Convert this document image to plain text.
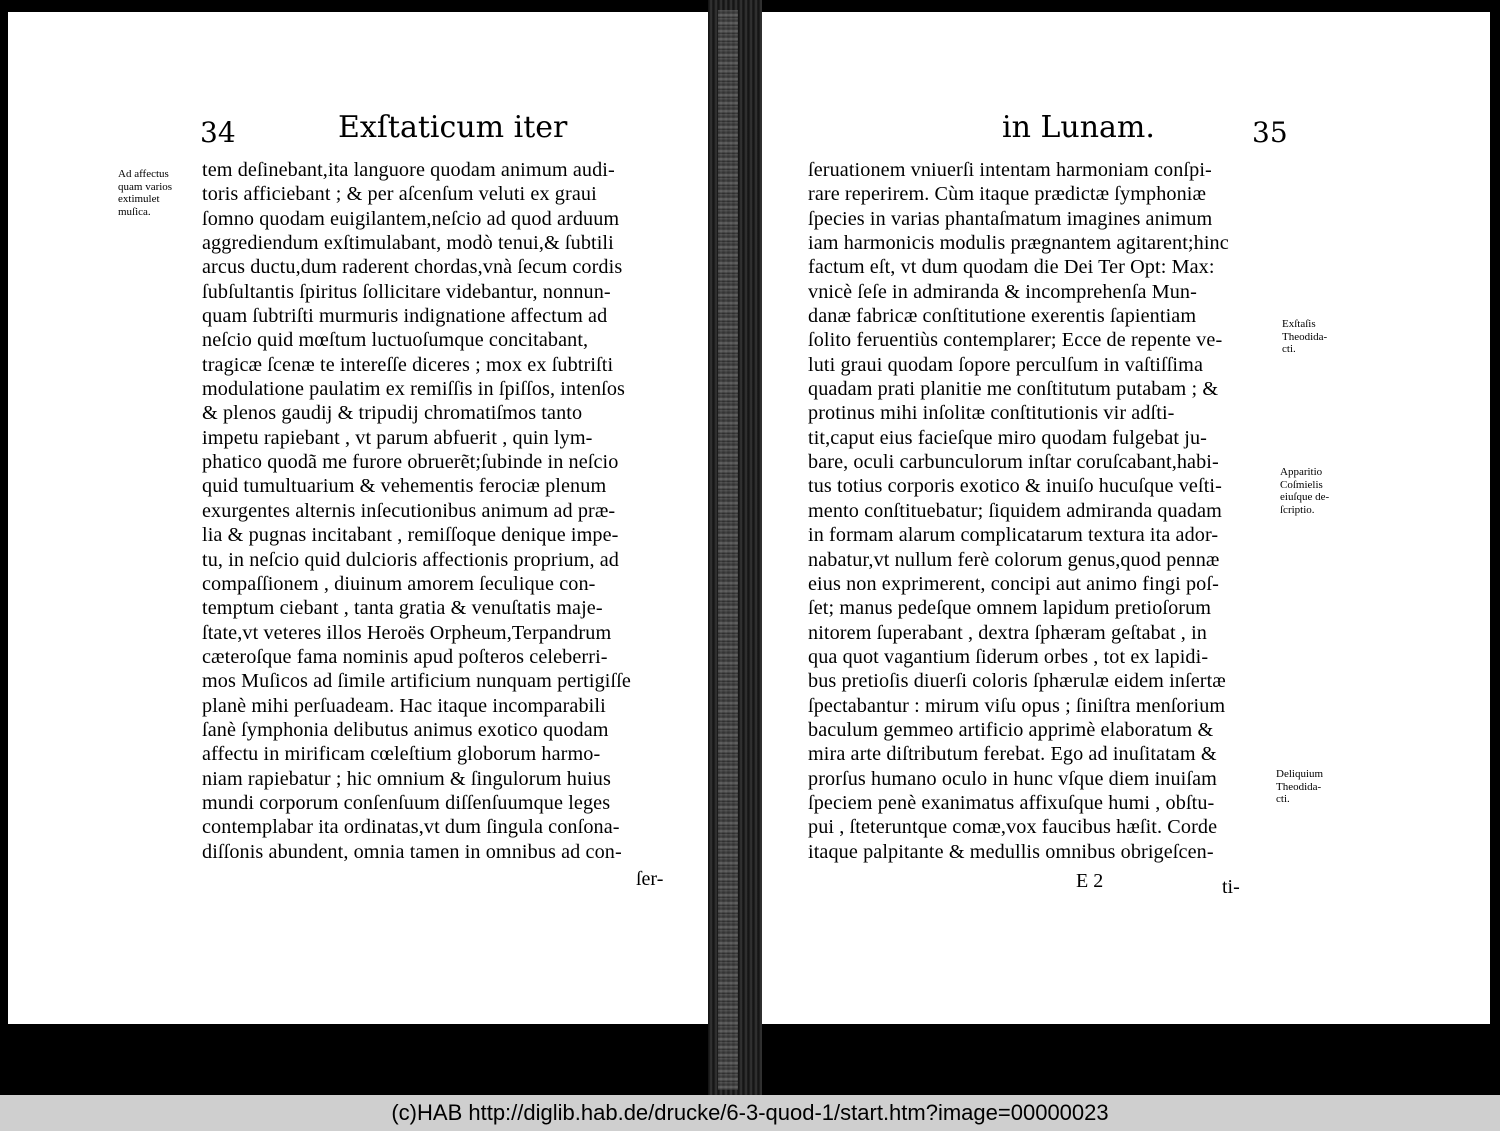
34	Exſtaticum iter
Ad affectus
quam varios
extimulet
muſica.
tem deſinebant,ita languore quodam animum audi-
toris afficiebant ; & per aſcenſum veluti ex graui
ſomno quodam euigilantem,neſcio ad quod arduum
aggrediendum exſtimulabant, modò tenui,& ſubtili
arcus ductu,dum raderent chordas,vnà ſecum cordis
ſubſultantis ſpiritus ſollicitare videbantur, nonnun-
quam ſubtriſti murmuris indignatione affectum ad
neſcio quid mœſtum luctuoſumque concitabant,
tragicæ ſcenæ te intereſſe diceres ; mox ex ſubtriſti
modulatione paulatim ex remiſſis in ſpiſſos, intenſos
& plenos gaudij & tripudij chromatiſmos tanto
impetu rapiebant , vt parum abfuerit , quin lym-
phatico quodã me furore obruerẽt;ſubinde in neſcio
quid tumultuarium & vehementis ferociæ plenum
exurgentes alternis inſecutionibus animum ad præ-
lia & pugnas incitabant , remiſſoque denique impe-
tu, in neſcio quid dulcioris affectionis proprium, ad
compaſſionem , diuinum amorem ſeculique con-
temptum ciebant , tanta gratia & venuſtatis maje-
ſtate,vt veteres illos Heroës Orpheum,Terpandrum
cæteroſque fama nominis apud poſteros celeberri-
mos Muſicos ad ſimile artificium nunquam pertigiſſe
planè mihi perſuadeam. Hac itaque incomparabili
ſanè ſymphonia delibutus animus exotico quodam
affectu in mirificam cœleſtium globorum harmo-
niam rapiebatur ; hic omnium & ſingulorum huius
mundi corporum conſenſuum diſſenſuumque leges
contemplabar ita ordinatas,vt dum ſingula conſona-
diſſonis abundent, omnia tamen in omnibus ad con-
ſer-
in Lunam.	35
ſeruationem vniuerſi intentam harmoniam conſpi-
rare reperirem. Cùm itaque prædictæ ſymphoniæ
ſpecies in varias phantaſmatum imagines animum
iam harmonicis modulis prægnantem agitarent;hinc
factum eſt, vt dum quodam die Dei Ter Opt: Max:
vnicè ſeſe in admiranda & incomprehenſa Mun-
danæ fabricæ conſtitutione exerentis ſapientiam
ſolito feruentiùs contemplarer; Ecce de repente ve-
luti graui quodam ſopore perculſum in vaſtiſſima
quadam prati planitie me conſtitutum putabam ; &
protinus mihi inſolitæ conſtitutionis vir adſti-
tit,caput eius facieſque miro quodam fulgebat ju-
bare, oculi carbunculorum inſtar coruſcabant,habi-
tus totius corporis exotico & inuiſo hucuſque veſti-
mento conſtituebatur; ſiquidem admiranda quadam
in formam alarum complicatarum textura ita ador-
nabatur,vt nullum ferè colorum genus,quod pennæ
eius non exprimerent, concipi aut animo fingi poſ-
ſet; manus pedeſque omnem lapidum pretioſorum
nitorem ſuperabant , dextra ſphæram geſtabat , in
qua quot vagantium ſiderum orbes , tot ex lapidi-
bus pretioſis diuerſi coloris ſphærulæ eidem inſertæ
ſpectabantur : mirum viſu opus ; ſiniſtra menſorium
baculum gemmeo artificio apprimè elaboratum &
mira arte diſtributum ferebat. Ego ad inuſitatam &
prorſus humano oculo in hunc vſque diem inuiſam
ſpeciem penè exanimatus affixuſque humi , obſtu-
pui , ſteteruntque comæ,vox faucibus hæſit. Corde
itaque palpitante & medullis omnibus obrigeſcen-
Exſtaſis
Theodida-
cti.
Apparitio
Coſmielis
eiuſque de-
ſcriptio.
Deliquium
Theodida-
cti.
E 2	ti-
(c)HAB http://diglib.hab.de/drucke/6-3-quod-1/start.htm?image=00000023
